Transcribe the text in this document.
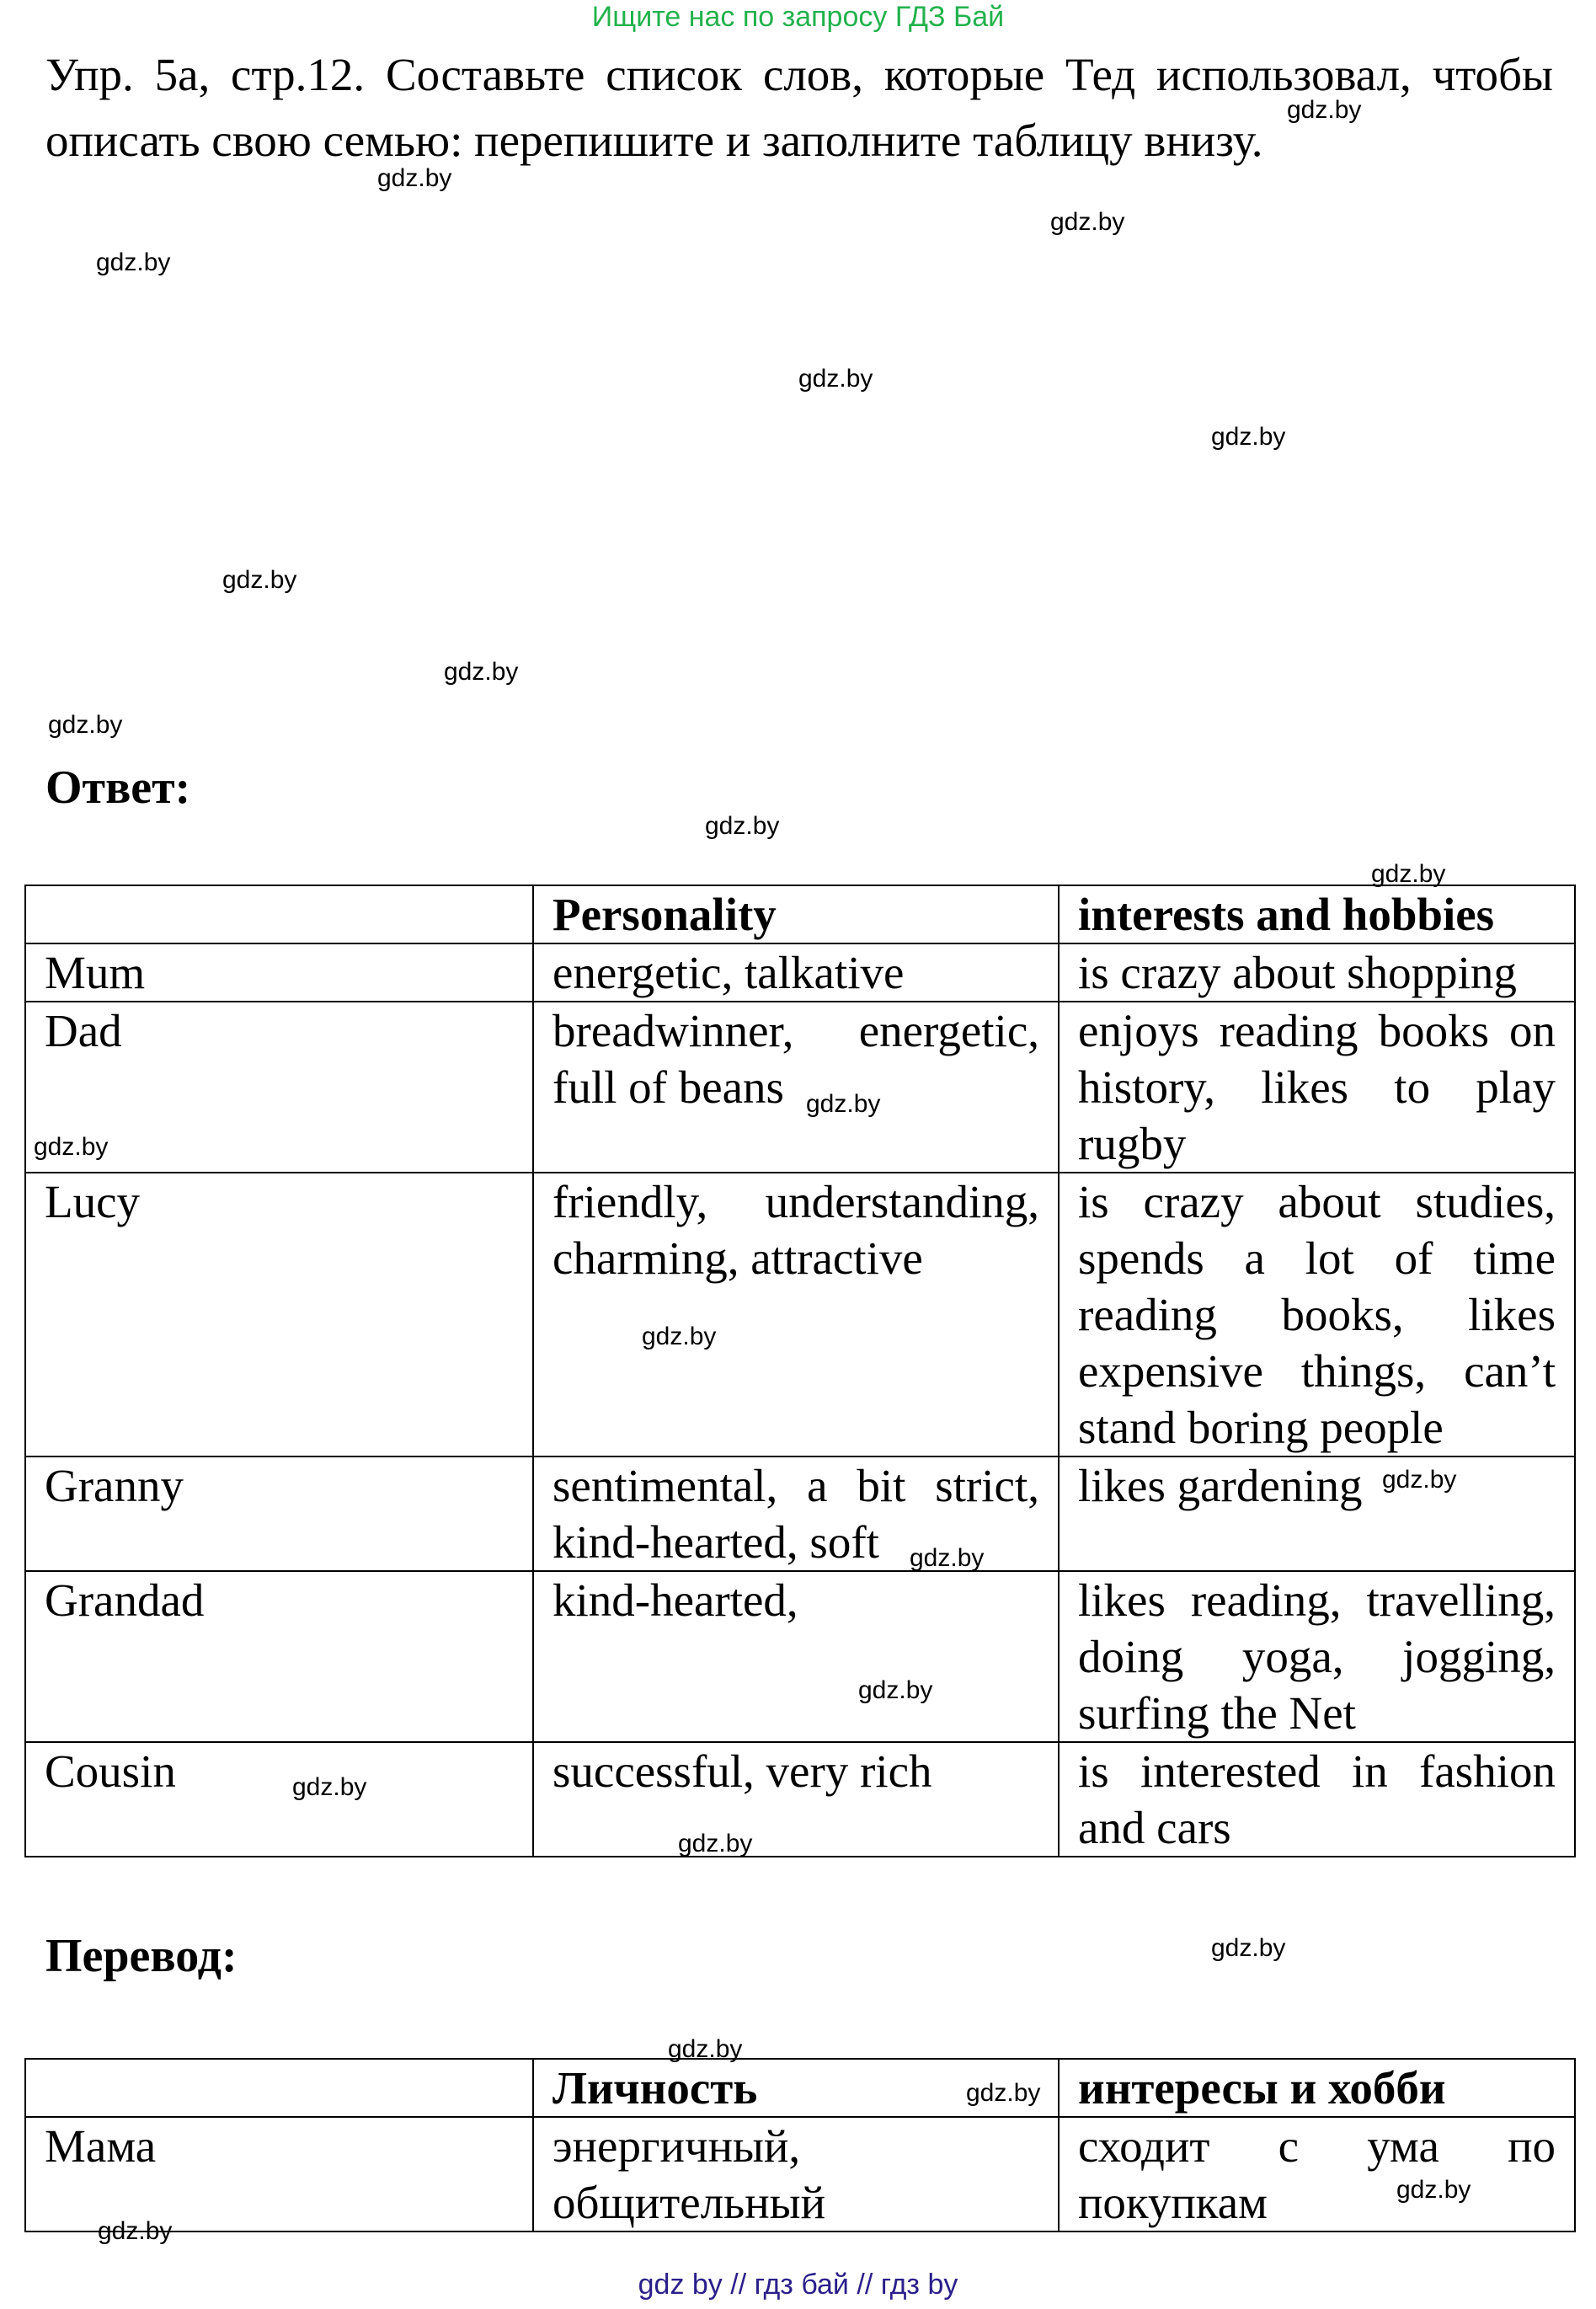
Ищите нас по запросу ГДЗ Бай
Упр. 5a, стр.12. Составьте список слов, которые Тед использовал, чтобы описать свою семью: перепишите и заполните таблицу внизу.
Ответ:
	Personality	interests and hobbies
Mum	energetic, talkative	is crazy about shopping
Dad	breadwinner, energetic, full of beans	enjoys reading books on history, likes to play rugby
Lucy	friendly, understanding, charming, attractive	is crazy about studies, spends a lot of time reading books, likes expensive things, can’t stand boring people
Granny	sentimental, a bit strict, kind-hearted, soft	likes gardening
Grandad	kind-hearted,	likes reading, travelling, doing yoga, jogging, surfing the Net
Cousin	successful, very rich	is interested in fashion and cars
Перевод:
	Личность	интересы и хобби
Мама	энергичный, общительный	сходит с ума по покупкам
gdz.by
gdz.by
gdz.by
gdz.by
gdz.by
gdz.by
gdz.by
gdz.by
gdz.by
gdz.by
gdz.by
gdz.by
gdz.by
gdz.by
gdz.by
gdz.by
gdz.by
gdz.by
gdz.by
gdz.by
gdz.by
gdz.by
gdz.by
gdz.by
gdz by // гдз бай // гдз by
